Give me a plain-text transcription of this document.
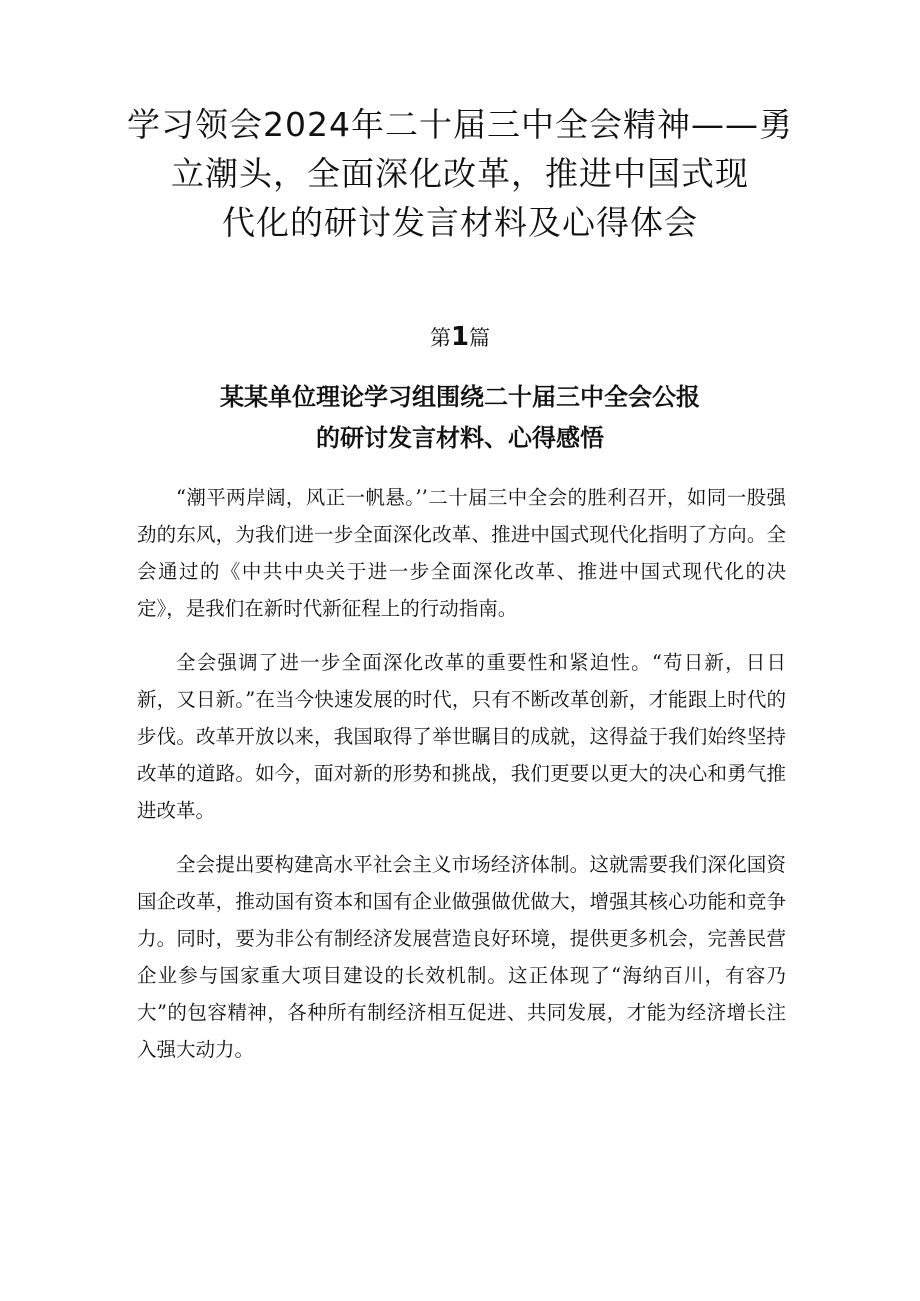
学习领会2024年二十届三中全会精神——勇
立潮头，全面深化改革，推进中国式现
代化的研讨发言材料及心得体会
第1篇
某某单位理论学习组围绕二十届三中全会公报
的研讨发言材料、心得感悟

“潮平两岸阔，风正一帆悬。’’二十届三中全会的胜利召开，如同一股强劲的东风，为我们进一步全面深化改革、推进中国式现代化指明了方向。全会通过的《中共中央关于进一步全面深化改革、推进中国式现代化的决定》，是我们在新时代新征程上的行动指南。

全会强调了进一步全面深化改革的重要性和紧迫性。“苟日新，日日新，又日新。”在当今快速发展的时代，只有不断改革创新，才能跟上时代的步伐。改革开放以来，我国取得了举世瞩目的成就，这得益于我们始终坚持改革的道路。如今，面对新的形势和挑战，我们更要以更大的决心和勇气推进改革。

全会提出要构建高水平社会主义市场经济体制。这就需要我们深化国资国企改革，推动国有资本和国有企业做强做优做大，增强其核心功能和竞争力。同时，要为非公有制经济发展营造良好环境，提供更多机会，完善民营企业参与国家重大项目建设的长效机制。这正体现了“海纳百川，有容乃大”的包容精神，各种所有制经济相互促进、共同发展，才能为经济增长注入强大动力。
